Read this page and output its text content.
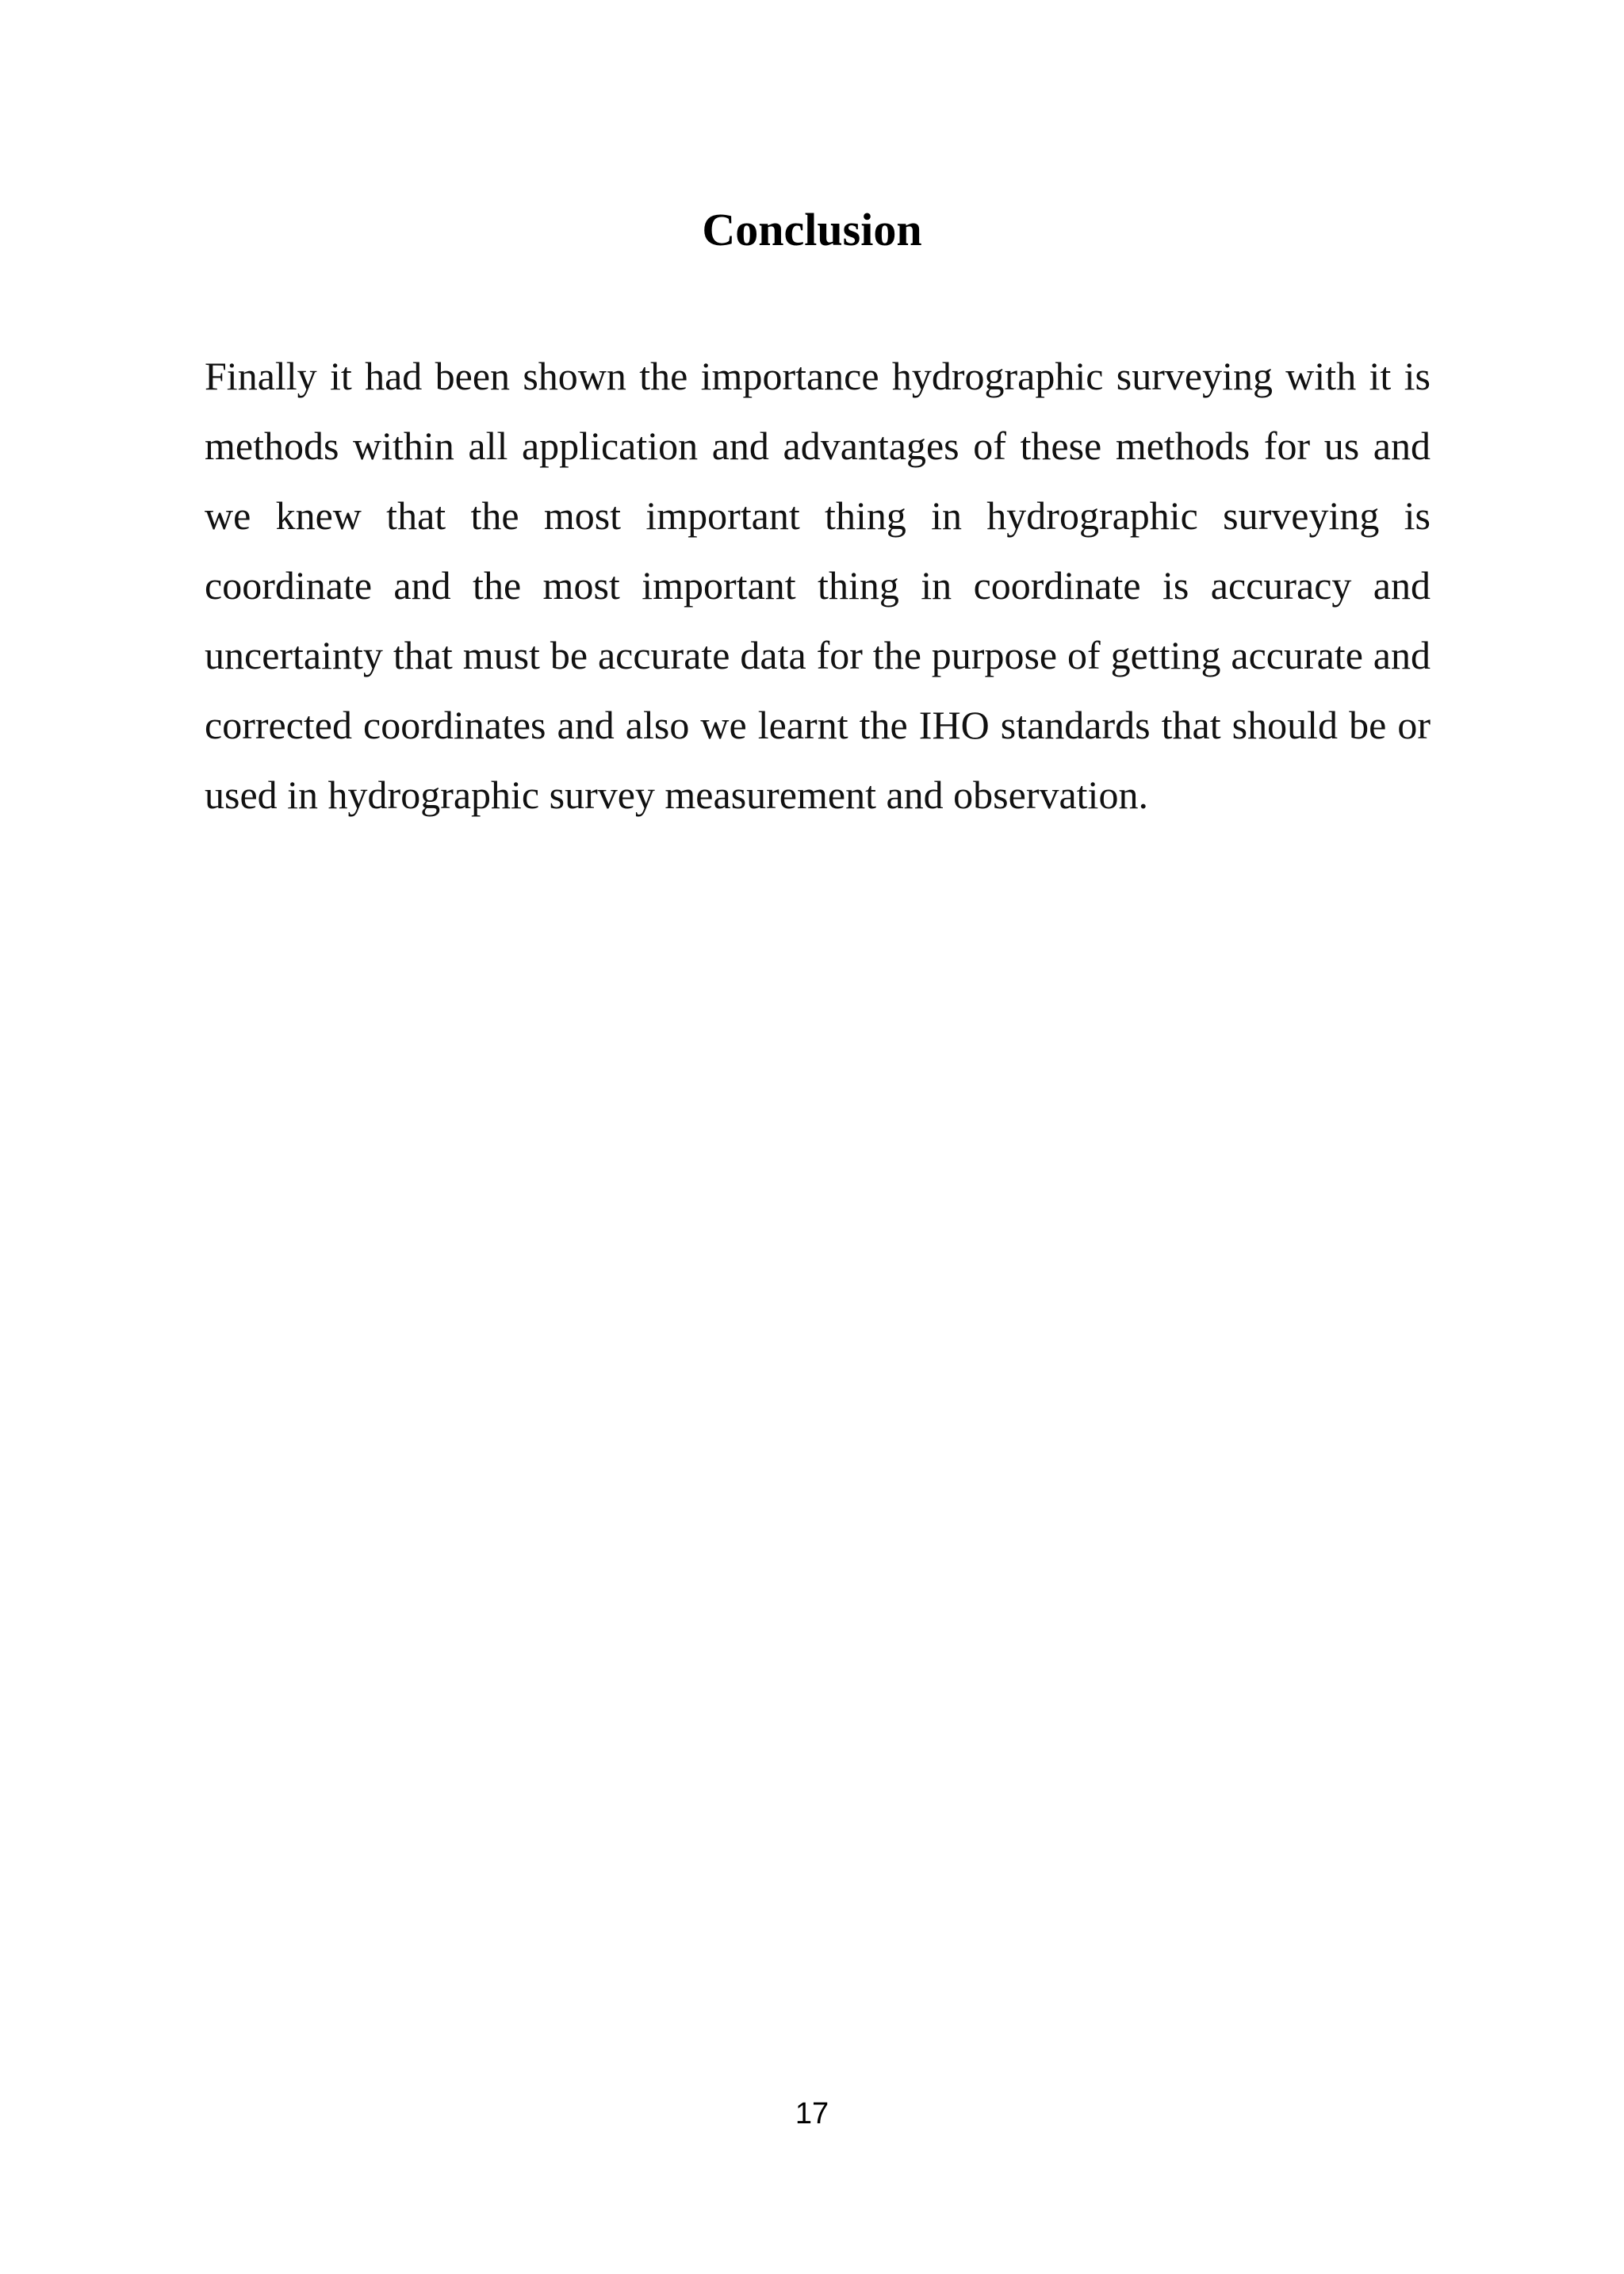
Conclusion

Finally it had been shown the importance hydrographic surveying with it is methods within all application and advantages of these methods for us and we knew that the most important thing in hydrographic surveying is coordinate and the most important thing in coordinate is accuracy and uncertainty that must be accurate data for the purpose of getting accurate and corrected coordinates and also we learnt the IHO standards that should be or used in hydrographic survey measurement and observation.

17
